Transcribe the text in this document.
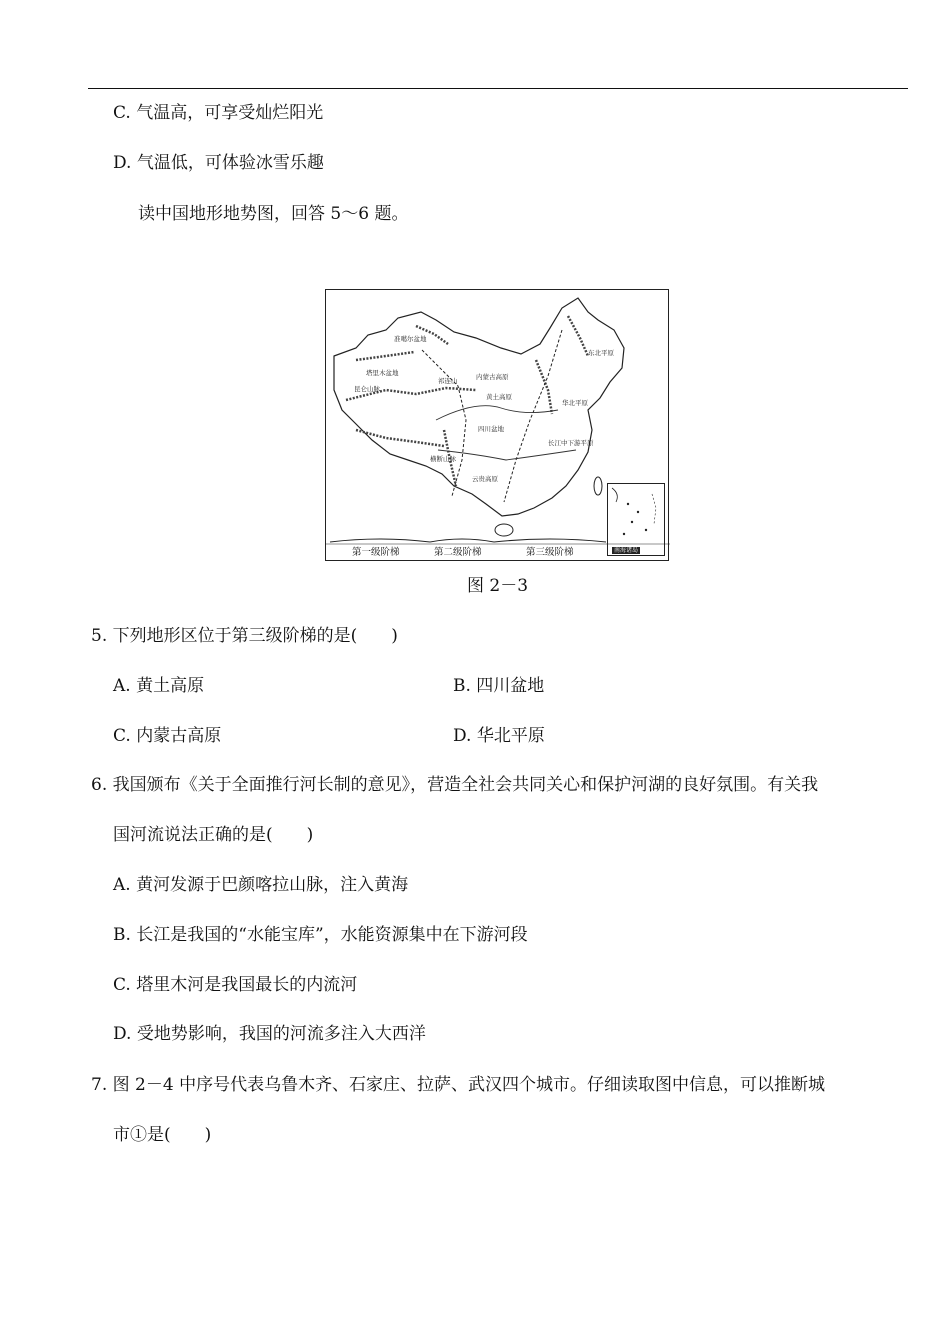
C. 气温高，可享受灿烂阳光
D. 气温低，可体验冰雪乐趣
读中国地形地势图，回答 5～6 题。
准噶尔盆地
塔里木盆地
昆仑山脉
祁连山	内蒙古高原
黄土高原
四川盆地
云贵高原
横断山脉
东北平原
华北平原
长江中下游平原
第一级阶梯	第二级阶梯	第三级阶梯	南海诸岛
图 2－3
5. 下列地形区位于第三级阶梯的是(　　)
A. 黄土高原	B. 四川盆地
C. 内蒙古高原	D. 华北平原
6. 我国颁布《关于全面推行河长制的意见》，营造全社会共同关心和保护河湖的良好氛围。有关我
国河流说法正确的是(　　)
A. 黄河发源于巴颜喀拉山脉，注入黄海
B. 长江是我国的“水能宝库”，水能资源集中在下游河段
C. 塔里木河是我国最长的内流河
D. 受地势影响，我国的河流多注入大西洋
7. 图 2－4 中序号代表乌鲁木齐、石家庄、拉萨、武汉四个城市。仔细读取图中信息，可以推断城
市①是(　　)
